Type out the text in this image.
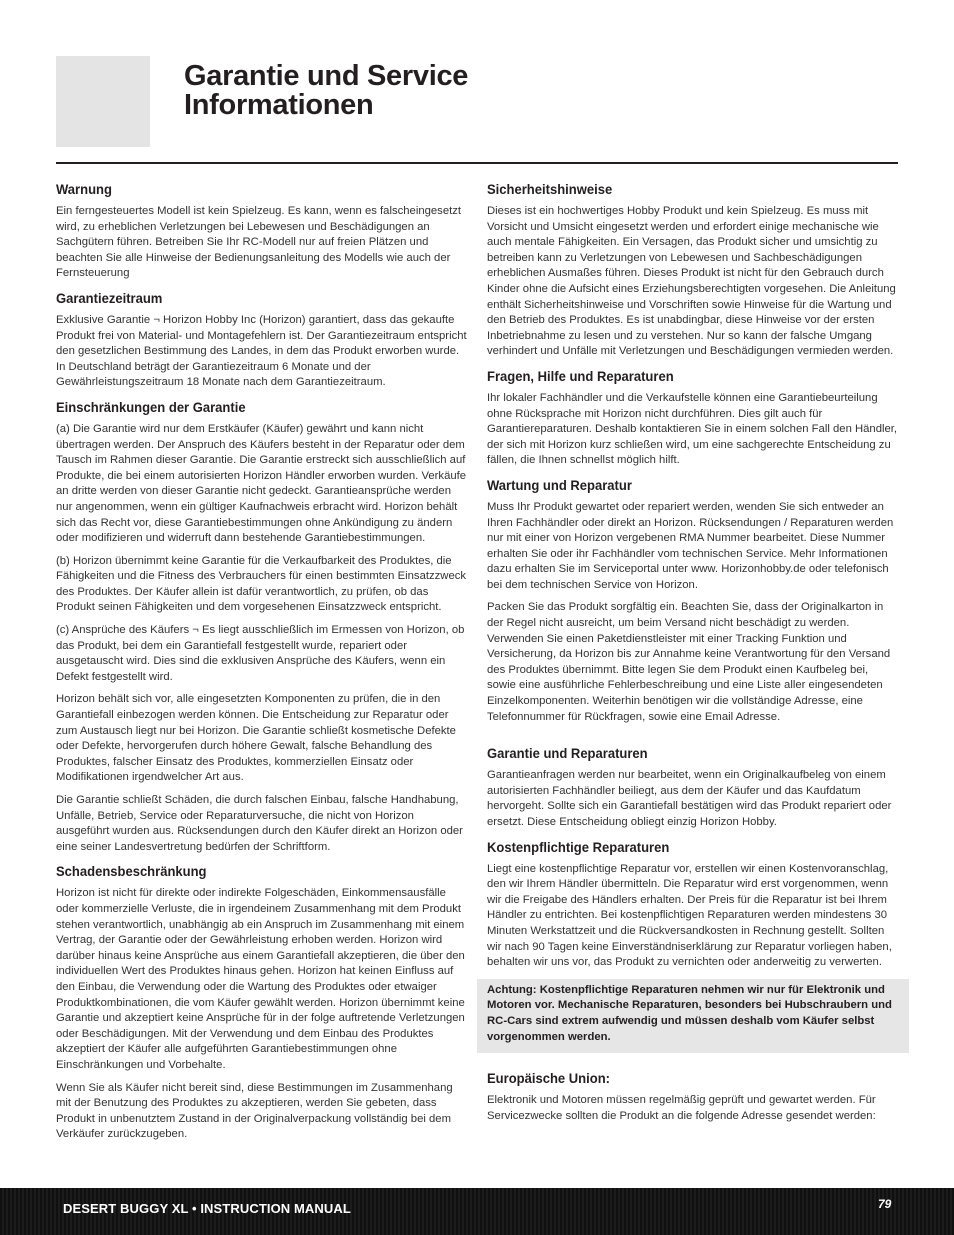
Garantie und Service
Informationen
Warnung

Ein ferngesteuertes Modell ist kein Spielzeug. Es kann, wenn es falscheingesetzt wird, zu erheblichen Verletzungen bei Lebewesen und Beschädigungen an Sachgütern führen. Betreiben Sie Ihr RC-Modell nur auf freien Plätzen und beachten Sie alle Hinweise der Bedienungsanleitung des Modells wie auch der Fernsteuerung

Garantiezeitraum

Exklusive Garantie ¬ Horizon Hobby Inc (Horizon) garantiert, dass das gekaufte Produkt frei von Material- und Montagefehlern ist. Der Garantiezeitraum entspricht den gesetzlichen Bestimmung des Landes, in dem das Produkt erworben wurde. In Deutschland beträgt der Garantiezeitraum 6 Monate und der Gewährleistungszeitraum 18 Monate nach dem Garantiezeitraum.

Einschränkungen der Garantie

(a) Die Garantie wird nur dem Erstkäufer (Käufer) gewährt und kann nicht übertragen werden. Der Anspruch des Käufers besteht in der Reparatur oder dem Tausch im Rahmen dieser Garantie. Die Garantie erstreckt sich ausschließlich auf Produkte, die bei einem autorisierten Horizon Händler erworben wurden. Verkäufe an dritte werden von dieser Garantie nicht gedeckt. Garantieansprüche werden nur angenommen, wenn ein gültiger Kaufnachweis erbracht wird. Horizon behält sich das Recht vor, diese Garantiebestimmungen ohne Ankündigung zu ändern oder modifizieren und widerruft dann bestehende Garantiebestimmungen.

(b) Horizon übernimmt keine Garantie für die Verkaufbarkeit des Produktes, die Fähigkeiten und die Fitness des Verbrauchers für einen bestimmten Einsatzzweck des Produktes. Der Käufer allein ist dafür verantwortlich, zu prüfen, ob das Produkt seinen Fähigkeiten und dem vorgesehenen Einsatzzweck entspricht.

(c) Ansprüche des Käufers ¬ Es liegt ausschließlich im Ermessen von Horizon, ob das Produkt, bei dem ein Garantiefall festgestellt wurde, repariert oder ausgetauscht wird. Dies sind die exklusiven Ansprüche des Käufers, wenn ein Defekt festgestellt wird.

Horizon behält sich vor, alle eingesetzten Komponenten zu prüfen, die in den Garantiefall einbezogen werden können. Die Entscheidung zur Reparatur oder zum Austausch liegt nur bei Horizon. Die Garantie schließt kosmetische Defekte oder Defekte, hervorgerufen durch höhere Gewalt, falsche Behandlung des Produktes, falscher Einsatz des Produktes, kommerziellen Einsatz oder Modifikationen irgendwelcher Art aus.

Die Garantie schließt Schäden, die durch falschen Einbau, falsche Handhabung, Unfälle, Betrieb, Service oder Reparaturversuche, die nicht von Horizon ausgeführt wurden aus. Rücksendungen durch den Käufer direkt an Horizon oder eine seiner Landesvertretung bedürfen der Schriftform.

Schadensbeschränkung

Horizon ist nicht für direkte oder indirekte Folgeschäden, Einkommensausfälle oder kommerzielle Verluste, die in irgendeinem Zusammenhang mit dem Produkt stehen verantwortlich, unabhängig ab ein Anspruch im Zusammenhang mit einem Vertrag, der Garantie oder der Gewährleistung erhoben werden. Horizon wird darüber hinaus keine Ansprüche aus einem Garantiefall akzeptieren, die über den individuellen Wert des Produktes hinaus gehen. Horizon hat keinen Einfluss auf den Einbau, die Verwendung oder die Wartung des Produktes oder etwaiger Produktkombinationen, die vom Käufer gewählt werden. Horizon übernimmt keine Garantie und akzeptiert keine Ansprüche für in der folge auftretende Verletzungen oder Beschädigungen. Mit der Verwendung und dem Einbau des Produktes akzeptiert der Käufer alle aufgeführten Garantiebestimmungen ohne Einschränkungen und Vorbehalte.

Wenn Sie als Käufer nicht bereit sind, diese Bestimmungen im Zusammenhang mit der Benutzung des Produktes zu akzeptieren, werden Sie gebeten, dass Produkt in unbenutztem Zustand in der Originalverpackung vollständig bei dem Verkäufer zurückzugeben.

Sicherheitshinweise

Dieses ist ein hochwertiges Hobby Produkt und kein Spielzeug. Es muss mit Vorsicht und Umsicht eingesetzt werden und erfordert einige mechanische wie auch mentale Fähigkeiten. Ein Versagen, das Produkt sicher und umsichtig zu betreiben kann zu Verletzungen von Lebewesen und Sachbeschädigungen erheblichen Ausmaßes führen. Dieses Produkt ist nicht für den Gebrauch durch Kinder ohne die Aufsicht eines Erziehungsberechtigten vorgesehen. Die Anleitung enthält Sicherheitshinweise und Vorschriften sowie Hinweise für die Wartung und den Betrieb des Produktes. Es ist unabdingbar, diese Hinweise vor der ersten Inbetriebnahme zu lesen und zu verstehen. Nur so kann der falsche Umgang verhindert und Unfälle mit Verletzungen und Beschädigungen vermieden werden.

Fragen, Hilfe und Reparaturen

Ihr lokaler Fachhändler und die Verkaufstelle können eine Garantiebeurteilung ohne Rücksprache mit Horizon nicht durchführen. Dies gilt auch für Garantiereparaturen. Deshalb kontaktieren Sie in einem solchen Fall den Händler, der sich mit Horizon kurz schließen wird, um eine sachgerechte Entscheidung zu fällen, die Ihnen schnellst möglich hilft.

Wartung und Reparatur

Muss Ihr Produkt gewartet oder repariert werden, wenden Sie sich entweder an Ihren Fachhändler oder direkt an Horizon. Rücksendungen / Reparaturen werden nur mit einer von Horizon vergebenen RMA Nummer bearbeitet. Diese Nummer erhalten Sie oder ihr Fachhändler vom technischen Service. Mehr Informationen dazu erhalten Sie im Serviceportal unter www. Horizonhobby.de oder telefonisch bei dem technischen Service von Horizon.

Packen Sie das Produkt sorgfältig ein. Beachten Sie, dass der Originalkarton in der Regel nicht ausreicht, um beim Versand nicht beschädigt zu werden. Verwenden Sie einen Paketdienstleister mit einer Tracking Funktion und Versicherung, da Horizon bis zur Annahme keine Verantwortung für den Versand des Produktes übernimmt. Bitte legen Sie dem Produkt einen Kaufbeleg bei, sowie eine ausführliche Fehlerbeschreibung und eine Liste aller eingesendeten Einzelkomponenten. Weiterhin benötigen wir die vollständige Adresse, eine Telefonnummer für Rückfragen, sowie eine Email Adresse.

Garantie und Reparaturen

Garantieanfragen werden nur bearbeitet, wenn ein Originalkaufbeleg von einem autorisierten Fachhändler beiliegt, aus dem der Käufer und das Kaufdatum hervorgeht. Sollte sich ein Garantiefall bestätigen wird das Produkt repariert oder ersetzt. Diese Entscheidung obliegt einzig Horizon Hobby.

Kostenpflichtige Reparaturen

Liegt eine kostenpflichtige Reparatur vor, erstellen wir einen Kostenvoranschlag, den wir Ihrem Händler übermitteln. Die Reparatur wird erst vorgenommen, wenn wir die Freigabe des Händlers erhalten. Der Preis für die Reparatur ist bei Ihrem Händler zu entrichten. Bei kostenpflichtigen Reparaturen werden mindestens 30 Minuten Werkstattzeit und die Rückversandkosten in Rechnung gestellt. Sollten wir nach 90 Tagen keine Einverständniserklärung zur Reparatur vorliegen haben, behalten wir uns vor, das Produkt zu vernichten oder anderweitig zu verwerten.

Achtung: Kostenpflichtige Reparaturen nehmen wir nur für Elektronik und Motoren vor. Mechanische Reparaturen, besonders bei Hubschraubern und RC-Cars sind extrem aufwendig und müssen deshalb vom Käufer selbst vorgenommen werden.

Europäische Union:

Elektronik und Motoren müssen regelmäßig geprüft und gewartet werden. Für Servicezwecke sollten die Produkt an die folgende Adresse gesendet werden:

DESERT BUGGY XL • INSTRUCTION MANUAL	79
